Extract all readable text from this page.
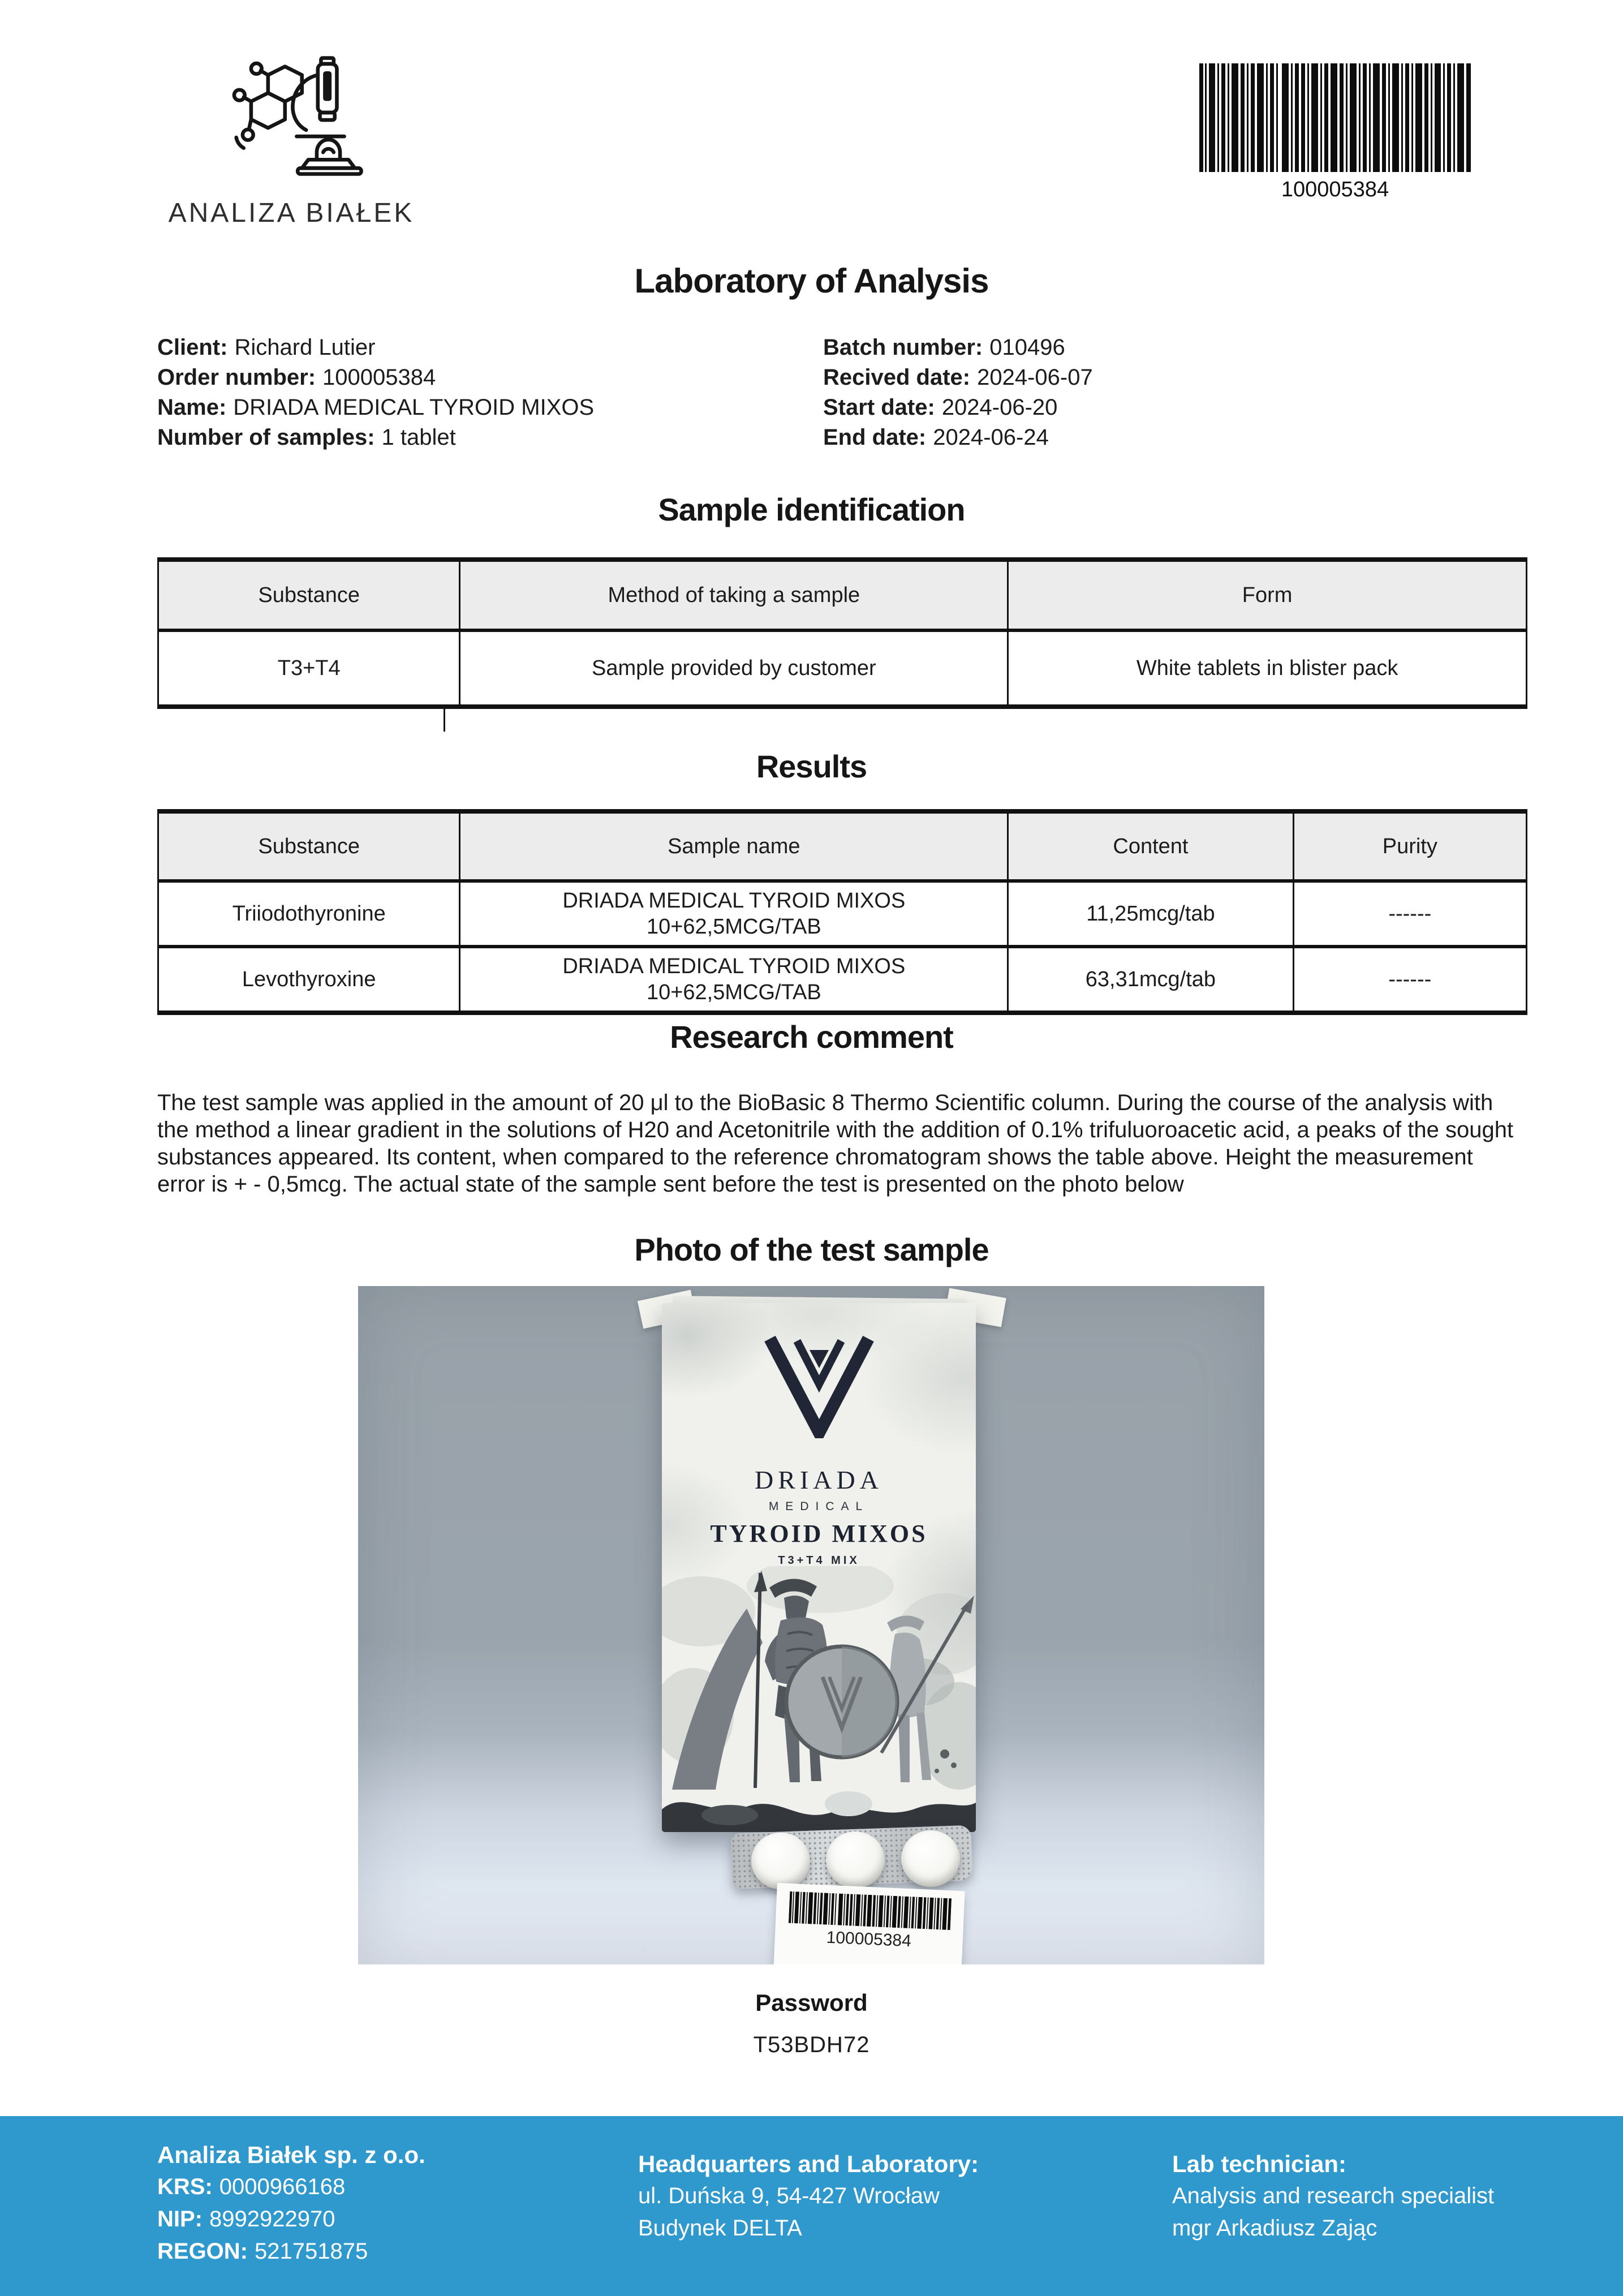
ANALIZA BIAŁEK
100005384
Laboratory of Analysis
Client: Richard Lutier
Order number: 100005384
Name: DRIADA MEDICAL TYROID MIXOS
Number of samples: 1 tablet
Batch number: 010496
Recived date: 2024-06-07
Start date: 2024-06-20
End date: 2024-06-24
Sample identification
Substance	Method of taking a sample	Form
T3+T4	Sample provided by customer	White tablets in blister pack
Results
Substance	Sample name	Content	Purity
Triiodothyronine	DRIADA MEDICAL TYROID MIXOS 10+62,5MCG/TAB	11,25mcg/tab	------
Levothyroxine	DRIADA MEDICAL TYROID MIXOS 10+62,5MCG/TAB	63,31mcg/tab	------
Research comment
The test sample was applied in the amount of 20 μl to the BioBasic 8 Thermo Scientific column. During the course of the analysis with the method a linear gradient in the solutions of H20 and Acetonitrile with the addition of 0.1% trifuluoroacetic acid, a peaks of the sought substances appeared. Its content, when compared to the reference chromatogram shows the table above. Height the measurement error is + - 0,5mcg. The actual state of the sample sent before the test is presented on the photo below
Photo of the test sample
DRIADA
MEDICAL
TYROID MIXOS
T3+T4 MIX
100005384
Password
T53BDH72
Analiza Białek sp. z o.o.
KRS: 0000966168
NIP: 8992922970
REGON: 521751875
Headquarters and Laboratory:
ul. Duńska 9, 54-427 Wrocław
Budynek DELTA
Lab technician:
Analysis and research specialist
mgr Arkadiusz Zając
